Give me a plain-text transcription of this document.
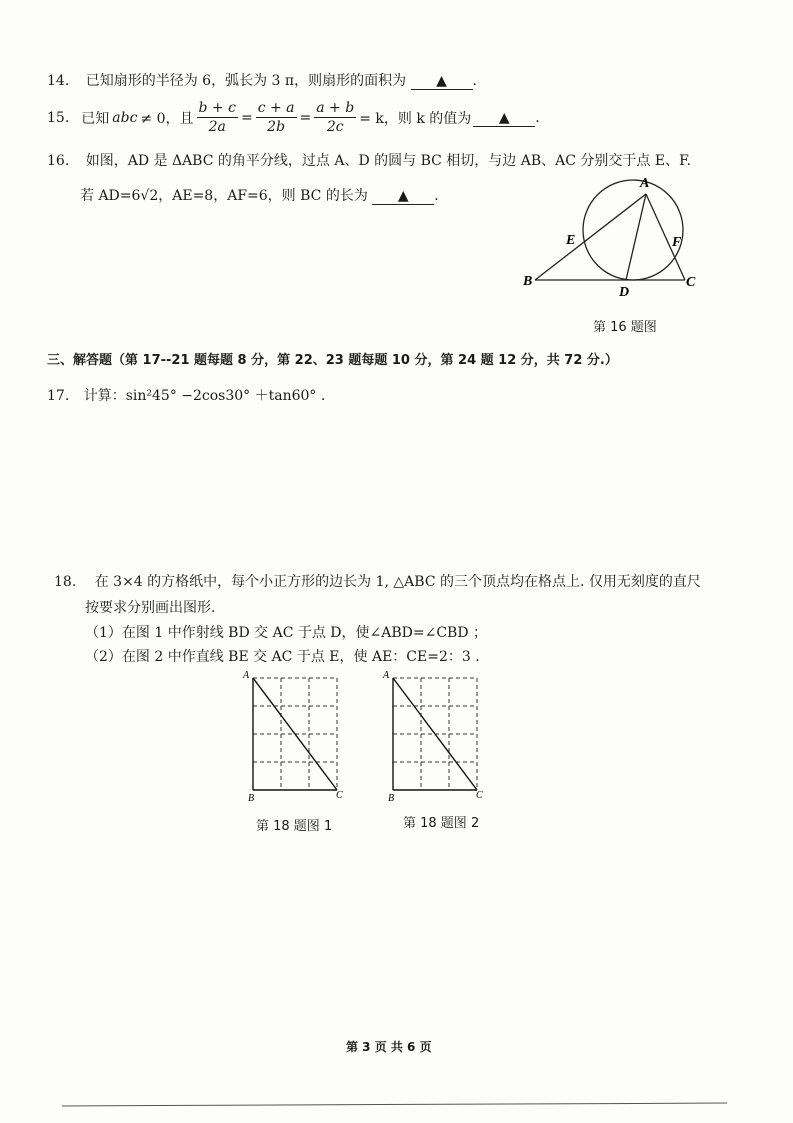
14. 已知扇形的半径为 6，弧长为 3 π，则扇形的面积为 ▲ .
15. 已知 abc ≠ 0，且 $\frac{b + c}{2a} = \frac{c + a}{2b} = \frac{a + b}{2c} = k$，则 k 的值为	▲	.
16. 如图，AD 是 ΔABC 的角平分线，过点 A、D 的圆与 BC 相切，与边 AB、AC 分别交于点 E、F.
若 AD=6√2，AE=8，AF=6，则 BC 的长为 ▲ .
A
B	C
D
E	F
第 16 题图
三、解答题（第 17--21 题每题 8 分，第 22、23 题每题 10 分，第 24 题 12 分，共 72 分.）
17. 计算：sin²45° −2cos30° ＋tan60° .
18. 在 3×4 的方格纸中，每个小正方形的边长为 1, △ABC 的三个顶点均在格点上. 仅用无刻度的直尺
按要求分别画出图形.
（1）在图 1 中作射线 BD 交 AC 于点 D，使∠ABD=∠CBD ；
（2）在图 2 中作直线 BE 交 AC 于点 E，使 AE：CE=2：3 .
A
B	C
第 18 题图 1
A
B	C
第 18 题图 2
第 3 页 共 6 页
